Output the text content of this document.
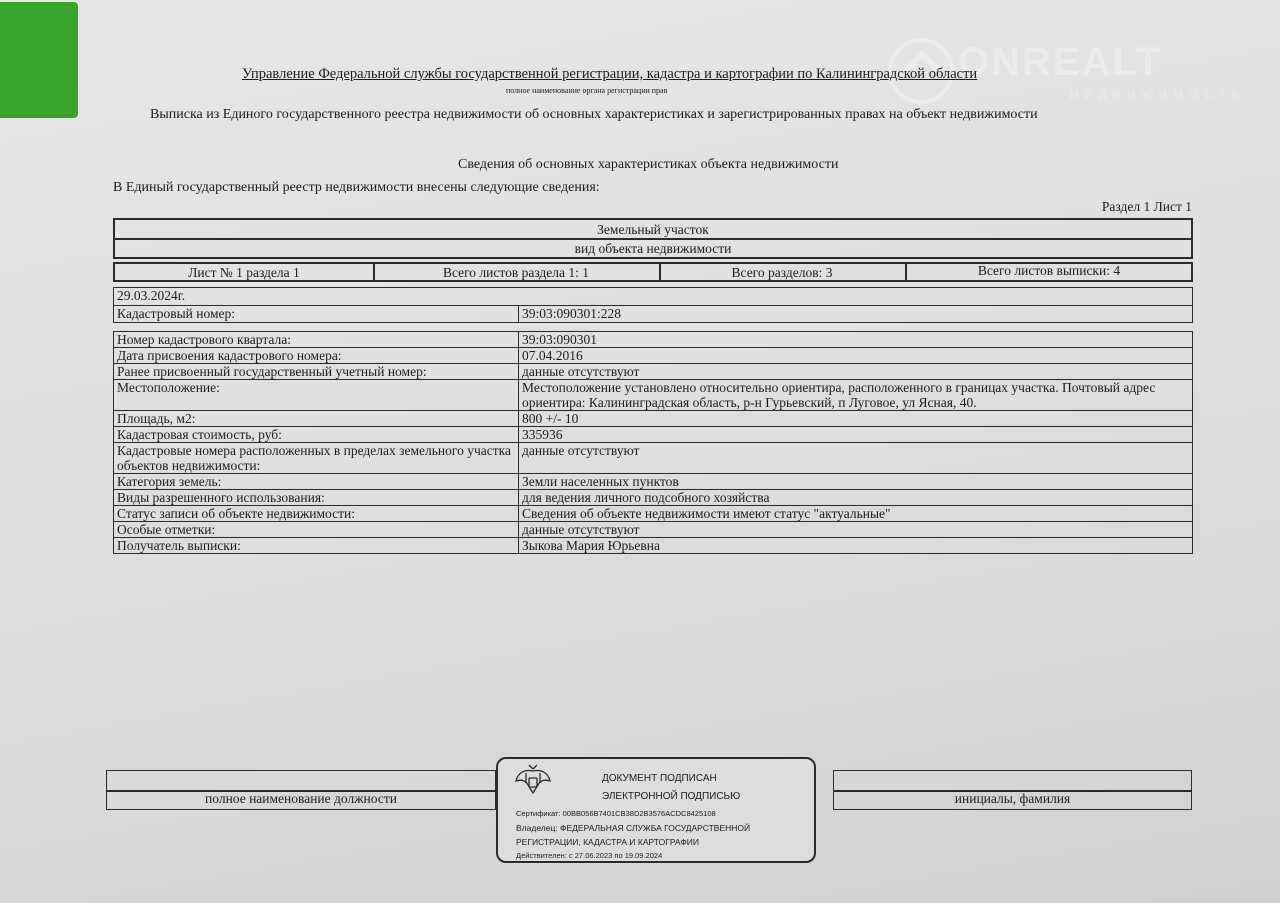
ONREALT
НЕДВИЖИМОСТЬ
Управление Федеральной службы государственной регистрации, кадастра и картографии по Калининградской области
полное наименование органа регистрации прав
Выписка из Единого государственного реестра недвижимости об основных характеристиках и зарегистрированных правах на объект недвижимости
Сведения об основных характеристиках объекта недвижимости
В Единый государственный реестр недвижимости внесены следующие сведения:
Раздел 1 Лист 1
Земельный участок
вид объекта недвижимости
Лист № 1 раздела 1	Всего листов раздела 1: 1	Всего разделов: 3	Всего листов выписки: 4
29.03.2024г.
Кадастровый номер:	39:03:090301:228
Номер кадастрового квартала:	39:03:090301
Дата присвоения кадастрового номера:	07.04.2016
Ранее присвоенный государственный учетный номер:	данные отсутствуют
Местоположение:	Местоположение установлено относительно ориентира, расположенного в границах участка. Почтовый адрес ориентира: Калининградская область, р-н Гурьевский, п Луговое, ул Ясная, 40.
Площадь, м2:	800 +/- 10
Кадастровая стоимость, руб:	335936
Кадастровые номера расположенных в пределах земельного участка объектов недвижимости:	данные отсутствуют
Категория земель:	Земли населенных пунктов
Виды разрешенного использования:	для ведения личного подсобного хозяйства
Статус записи об объекте недвижимости:	Сведения об объекте недвижимости имеют статус "актуальные"
Особые отметки:	данные отсутствуют
Получатель выписки:	Зыкова Мария Юрьевна
полное наименование должности	инициалы, фамилия
ДОКУМЕНТ ПОДПИСАН
ЭЛЕКТРОННОЙ ПОДПИСЬЮ
Сертификат: 00BB056B7401CB38D2B3576ACDC8425108
Владелец: ФЕДЕРАЛЬНАЯ СЛУЖБА ГОСУДАРСТВЕННОЙ
РЕГИСТРАЦИИ, КАДАСТРА И КАРТОГРАФИИ
Действителен: с 27.06.2023 по 19.09.2024
